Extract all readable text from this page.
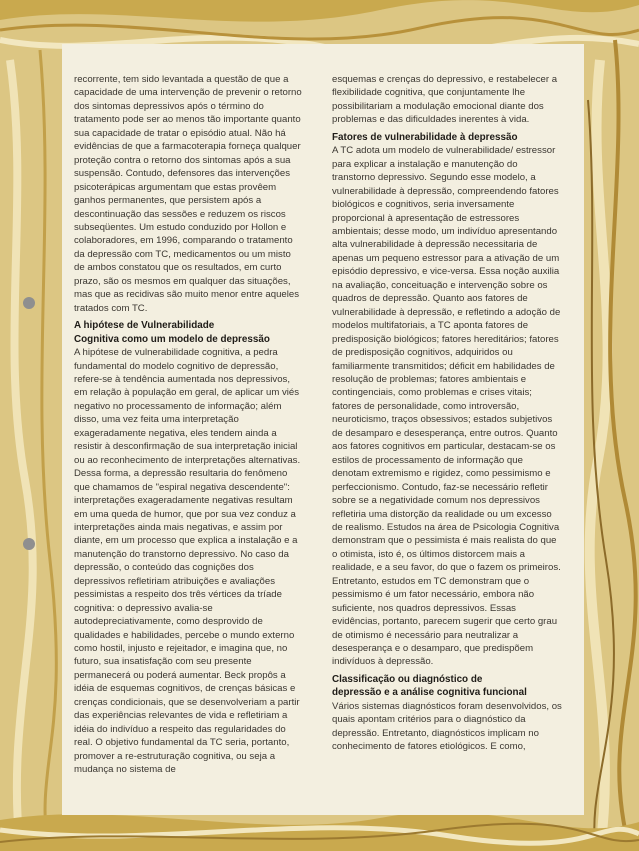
recorrente, tem sido levantada a questão de que a capacidade de uma intervenção de prevenir o retorno dos sintomas depressivos após o término do tratamento pode ser ao menos tão importante quanto sua capacidade de tratar o episódio atual. Não há evidências de que a farmacoterapia forneça qualquer proteção contra o retorno dos sintomas após a sua suspensão. Contudo, defensores das intervenções psicoterápicas argumentam que estas provêem ganhos permanentes, que persistem após a descontinuação das sessões e reduzem os riscos subseqüentes. Um estudo conduzido por Hollon e colaboradores, em 1996, comparando o tratamento da depressão com TC, medicamentos ou um misto de ambos constatou que os resultados, em curto prazo, são os mesmos em qualquer das situações, mas que as recidivas são muito menor entre aqueles tratados com TC.

A hipótese de Vulnerabilidade
Cognitiva como um modelo de depressão

A hipótese de vulnerabilidade cognitiva, a pedra fundamental do modelo cognitivo de depressão, refere-se à tendência aumentada nos depressivos, em relação à população em geral, de aplicar um viés negativo no processamento de informação; além disso, uma vez feita uma interpretação exageradamente negativa, eles tendem ainda a resistir à desconfirmação de sua interpretação inicial ou ao reconhecimento de interpretações alternativas. Dessa forma, a depressão resultaria do fenômeno que chamamos de "espiral negativa descendente": interpretações exageradamente negativas resultam em uma queda de humor, que por sua vez conduz a interpretações ainda mais negativas, e assim por diante, em um processo que explica a instalação e a manutenção do transtorno depressivo. No caso da depressão, o conteúdo das cognições dos depressivos refletiriam atribuições e avaliações pessimistas a respeito dos três vértices da tríade cognitiva: o depressivo avalia-se autodepreciativamente, como desprovido de qualidades e habilidades, percebe o mundo externo como hostil, injusto e rejeitador, e imagina que, no futuro, sua insatisfação com seu presente permanecerá ou poderá aumentar. Beck propôs a idéia de esquemas cognitivos, de crenças básicas e crenças condicionais, que se desenvolveriam a partir das experiências relevantes de vida e refletiriam a idéia do indivíduo a respeito das regularidades do real. O objetivo fundamental da TC seria, portanto, promover a re-estruturação cognitiva, ou seja a mudança no sistema de

esquemas e crenças do depressivo, e restabelecer a flexibilidade cognitiva, que conjuntamente lhe possibilitariam a modulação emocional diante dos problemas e das dificuldades inerentes à vida.

Fatores de vulnerabilidade à depressão

A TC adota um modelo de vulnerabilidade/ estressor para explicar a instalação e manutenção do transtorno depressivo. Segundo esse modelo, a vulnerabilidade à depressão, compreendendo fatores biológicos e cognitivos, seria inversamente proporcional à apresentação de estressores ambientais; desse modo, um indivíduo apresentando alta vulnerabilidade à depressão necessitaria de apenas um pequeno estressor para a ativação de um episódio depressivo, e vice-versa. Essa noção auxilia na avaliação, conceituação e intervenção sobre os quadros de depressão. Quanto aos fatores de vulnerabilidade à depressão, e refletindo a adoção de modelos multifatoriais, a TC aponta fatores de predisposição biológicos; fatores hereditários; fatores de predisposição cognitivos, adquiridos ou familiarmente transmitidos; déficit em habilidades de resolução de problemas; fatores ambientais e contingenciais, como problemas e crises vitais; fatores de personalidade, como introversão, neuroticismo, traços obsessivos; estados subjetivos de desamparo e desesperança, entre outros. Quanto aos fatores cognitivos em particular, destacam-se os estilos de processamento de informação que denotam extremismo e rigidez, como pessimismo e perfeccionismo. Contudo, faz-se necessário refletir sobre se a negatividade comum nos depressivos refletiria uma distorção da realidade ou um excesso de realismo. Estudos na área de Psicologia Cognitiva demonstram que o pessimista é mais realista do que o otimista, isto é, os últimos distorcem mais a realidade, e a seu favor, do que o fazem os primeiros. Entretanto, estudos em TC demonstram que o pessimismo é um fator necessário, embora não suficiente, nos quadros depressivos. Essas evidências, portanto, parecem sugerir que certo grau de otimismo é necessário para neutralizar a desesperança e o desamparo, que predispõem indivíduos à depressão.

Classificação ou diagnóstico de
depressão e a análise cognitiva funcional

Vários sistemas diagnósticos foram desenvolvidos, os quais apontam critérios para o diagnóstico da depressão. Entretanto, diagnósticos implicam no conhecimento de fatores etiológicos. E como,
